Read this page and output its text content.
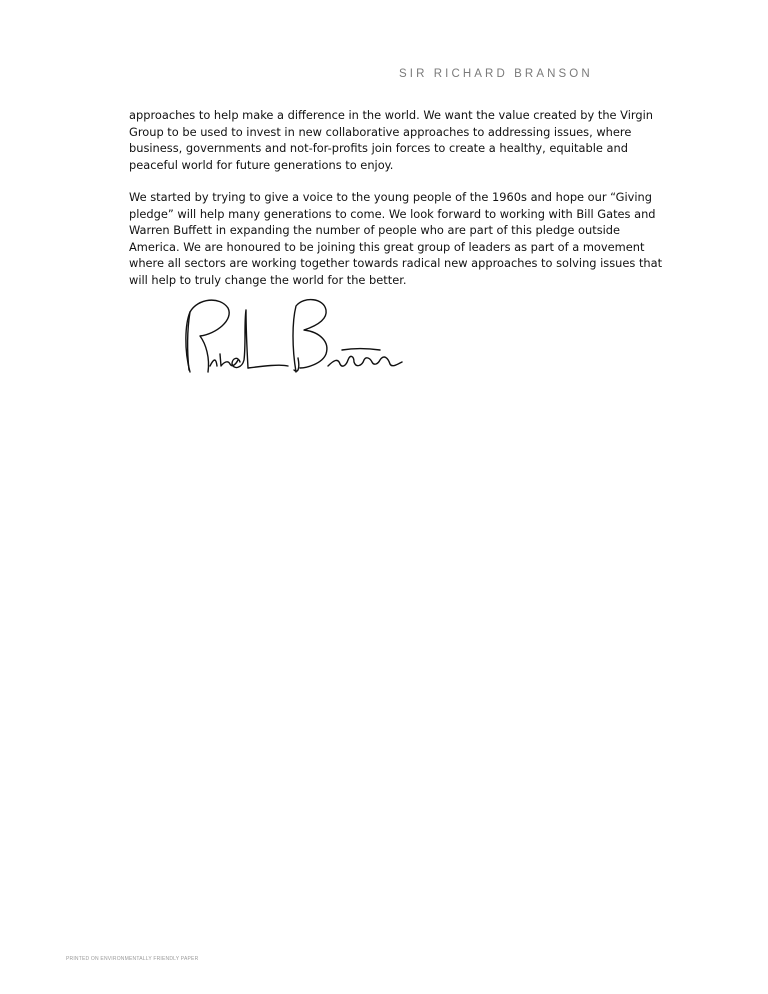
SIR RICHARD BRANSON

approaches to help make a difference in the world. We want the value created by the Virgin Group to be used to invest in new collaborative approaches to addressing issues, where business, governments and not-for-profits join forces to create a healthy, equitable and peaceful world for future generations to enjoy.

We started by trying to give a voice to the young people of the 1960s and hope our “Giving pledge” will help many generations to come. We look forward to working with Bill Gates and Warren Buffett in expanding the number of people who are part of this pledge outside America. We are honoured to be joining this great group of leaders as part of a movement where all sectors are working together towards radical new approaches to solving issues that will help to truly change the world for the better.

PRINTED ON ENVIRONMENTALLY FRIENDLY PAPER
